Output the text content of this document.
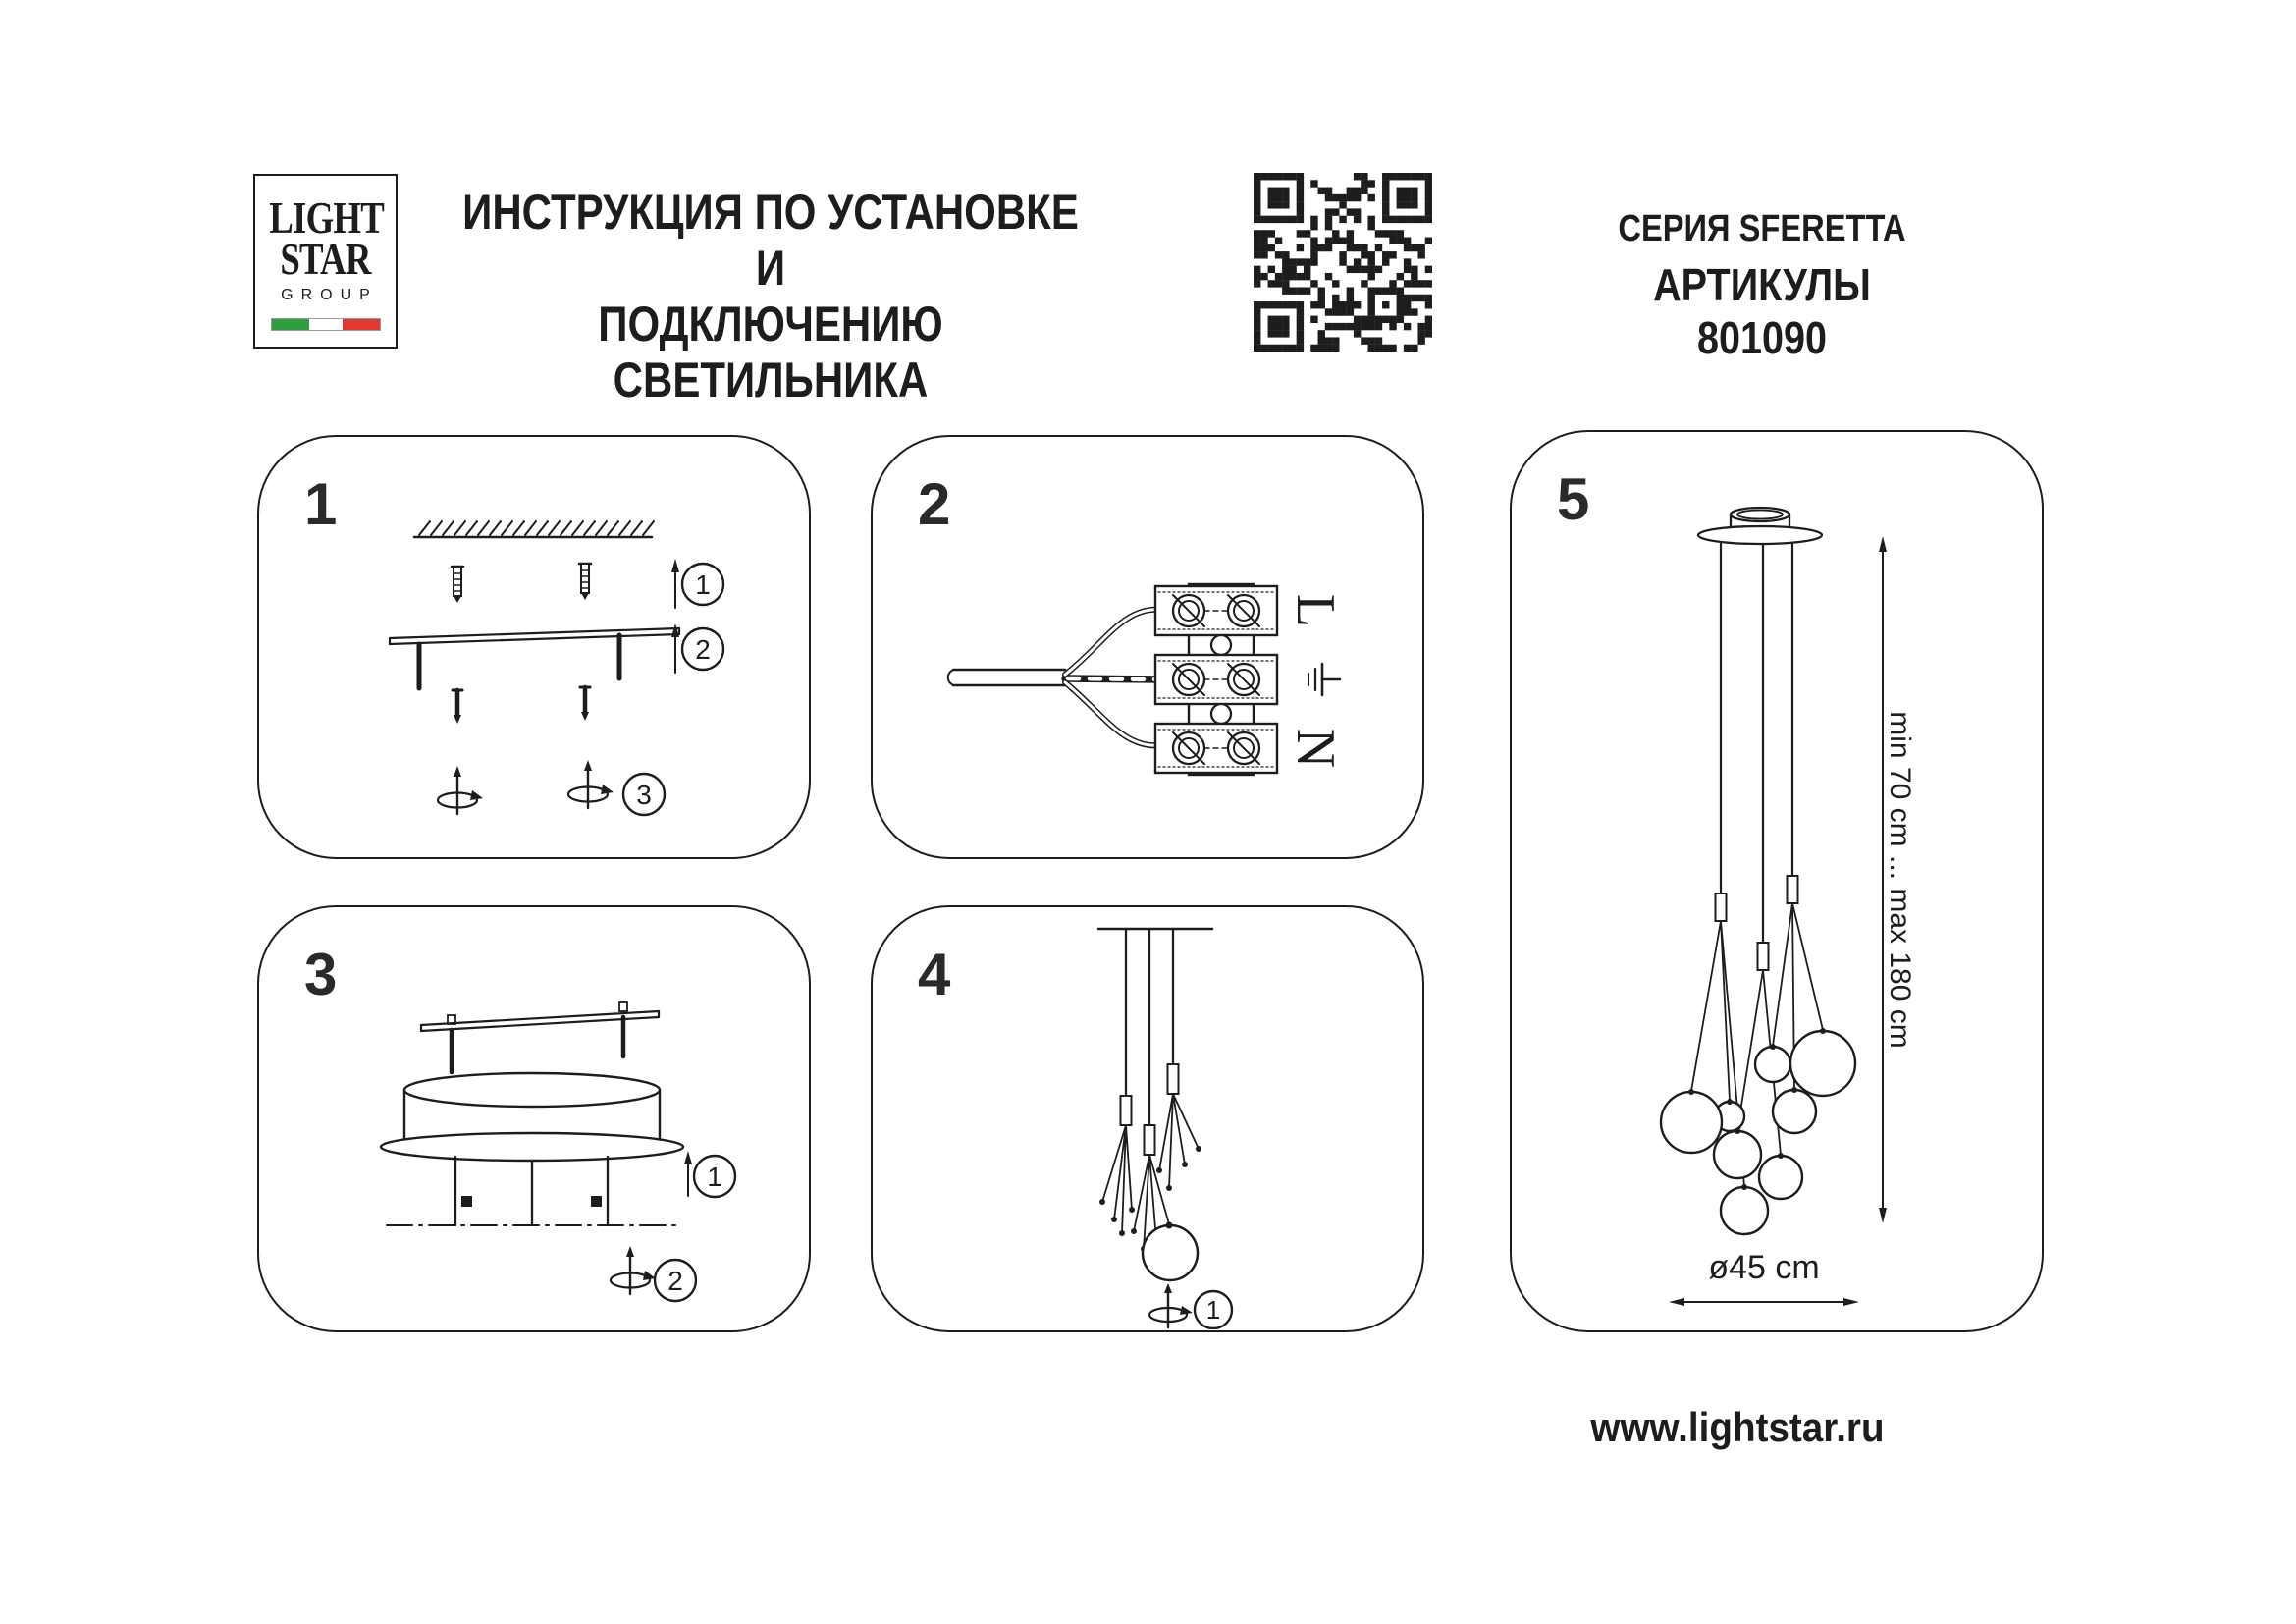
LIGHT
STAR
GROUP
ИНСТРУКЦИЯ ПО УСТАНОВКЕ И
ПОДКЛЮЧЕНИЮ СВЕТИЛЬНИКА
СЕРИЯ SFERETTA
АРТИКУЛЫ 801090
1
1
2
3
2
L
N
3
1
2
4
1
5
min 70 cm ... max 180 cm
ø45 cm
www.lightstar.ru
